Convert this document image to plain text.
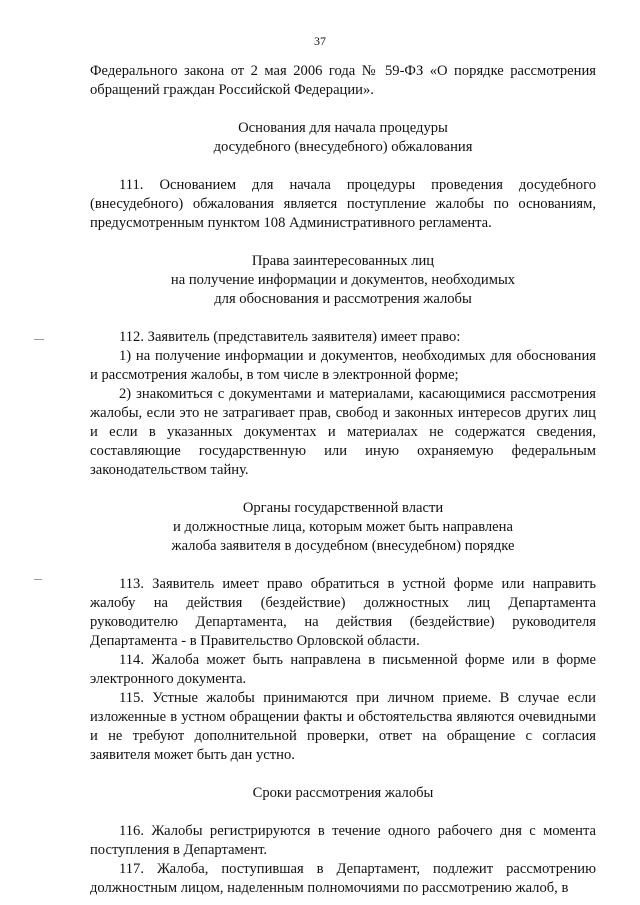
37

Федерального закона от 2 мая 2006 года № 59-ФЗ «О порядке рассмотрения обращений граждан Российской Федерации».

Основания для начала процедуры

досудебного (внесудебного) обжалования

111. Основанием для начала процедуры проведения досудебного (внесудебного) обжалования является поступление жалобы по основаниям, предусмотренным пунктом 108 Административного регламента.

Права заинтересованных лиц

на получение информации и документов, необходимых

для обоснования и рассмотрения жалобы

112. Заявитель (представитель заявителя) имеет право:

1) на получение информации и документов, необходимых для обоснования и рассмотрения жалобы, в том числе в электронной форме;

2) знакомиться с документами и материалами, касающимися рассмотрения жалобы, если это не затрагивает прав, свобод и законных интересов других лиц и если в указанных документах и материалах не содержатся сведения, составляющие государственную или иную охраняемую федеральным законодательством тайну.

Органы государственной власти

и должностные лица, которым может быть направлена

жалоба заявителя в досудебном (внесудебном) порядке

113. Заявитель имеет право обратиться в устной форме или направить жалобу на действия (бездействие) должностных лиц Департамента руководителю Департамента, на действия (бездействие) руководителя Департамента - в Правительство Орловской области.

114. Жалоба может быть направлена в письменной форме или в форме электронного документа.

115. Устные жалобы принимаются при личном приеме. В случае если изложенные в устном обращении факты и обстоятельства являются очевидными и не требуют дополнительной проверки, ответ на обращение с согласия заявителя может быть дан устно.

Сроки рассмотрения жалобы

116. Жалобы регистрируются в течение одного рабочего дня с момента поступления в Департамент.

117. Жалоба, поступившая в Департамент, подлежит рассмотрению должностным лицом, наделенным полномочиями по рассмотрению жалоб, в
